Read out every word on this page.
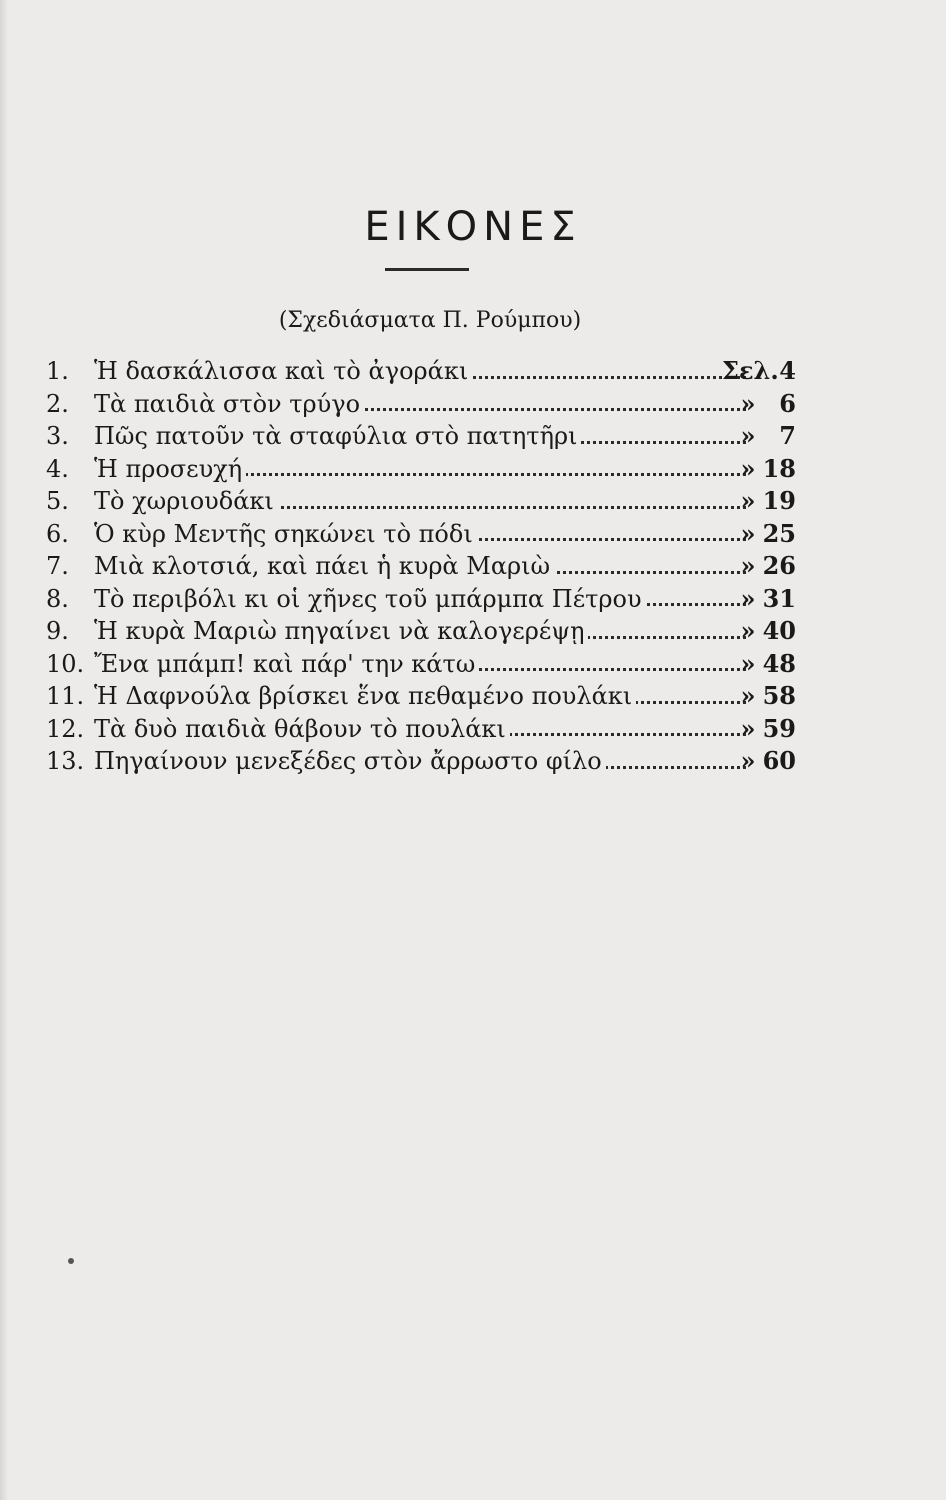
ΕΙΚΟΝΕΣ
(Σχεδιάσματα Π. Ρούμπου)
1.	Ἡ δασκάλισσα καὶ τὸ ἀγοράκι	Σελ. 4
2.	Τὰ παιδιὰ στὸν τρύγο	» 6
3.	Πῶς πατοῦν τὰ σταφύλια στὸ πατητῆρι	» 7
4.	Ἡ προσευχή	» 18
5.	Τὸ χωριουδάκι	» 19
6.	Ὁ κὺρ Μεντῆς σηκώνει τὸ πόδι	» 25
7.	Μιὰ κλοτσιά, καὶ πάει ἡ κυρὰ Μαριὼ	» 26
8.	Τὸ περιβόλι κι οἱ χῆνες τοῦ μπάρμπα Πέτρου	» 31
9.	Ἡ κυρὰ Μαριὼ πηγαίνει νὰ καλογερέψῃ	» 40
10. Ἔνα μπάμπ! καὶ πάρ' την κάτω	» 48
11. Ἡ Δαφνούλα βρίσκει ἕνα πεθαμένο πουλάκι	» 58
12. Τὰ δυὸ παιδιὰ θάβουν τὸ πουλάκι	» 59
13. Πηγαίνουν μενεξέδες στὸν ἄρρωστο φίλο	» 60
